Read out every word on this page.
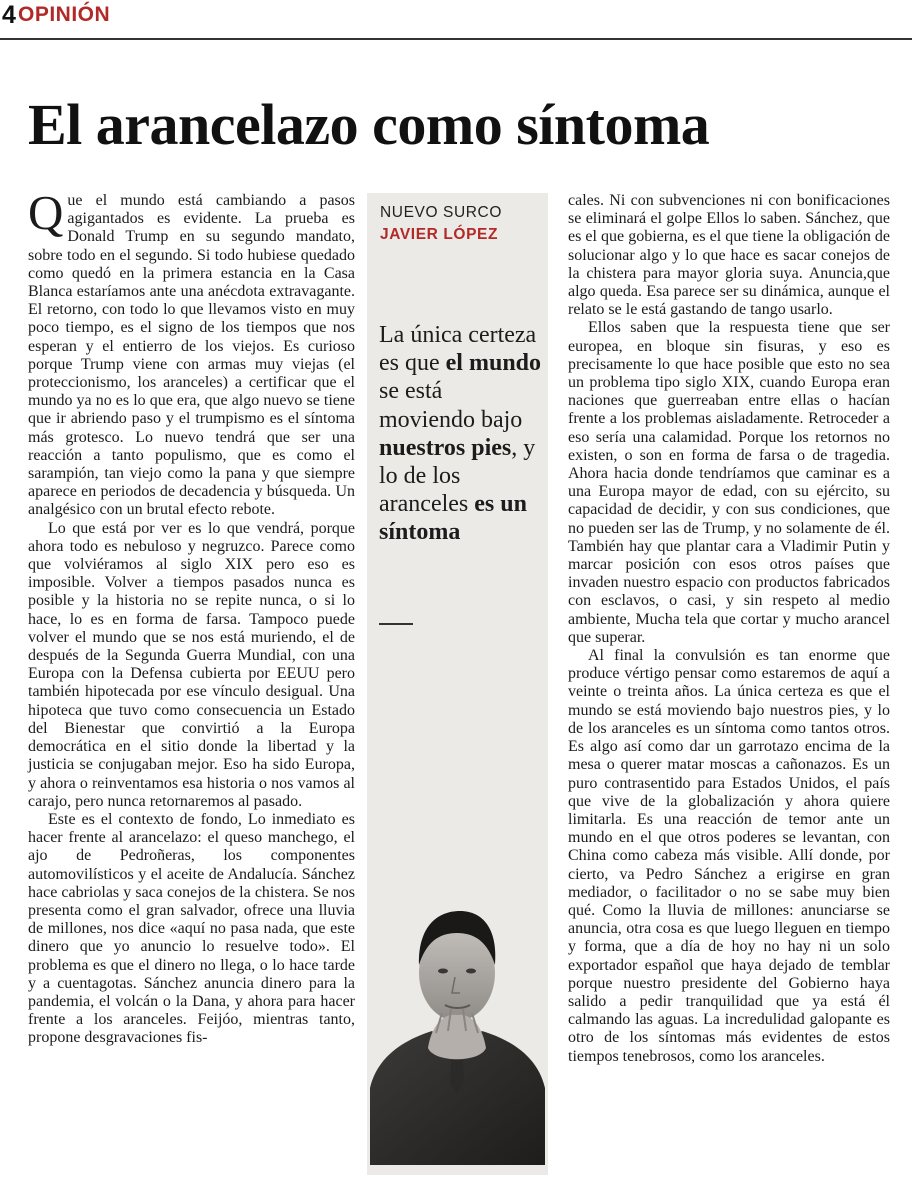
4 OPINIÓN
El arancelazo como síntoma

Que el mundo está cambiando a pasos agigantados es evidente. La prueba es Donald Trump en su segundo mandato, sobre todo en el segundo. Si todo hubiese quedado como quedó en la primera estancia en la Casa Blanca estaríamos ante una anécdota extravagante. El retorno, con todo lo que llevamos visto en muy poco tiempo, es el signo de los tiempos que nos esperan y el entierro de los viejos. Es curioso porque Trump viene con armas muy viejas (el proteccionismo, los aranceles) a certificar que el mundo ya no es lo que era, que algo nuevo se tiene que ir abriendo paso y el trumpismo es el síntoma más grotesco. Lo nuevo tendrá que ser una reacción a tanto populismo, que es como el sarampión, tan viejo como la pana y que siempre aparece en periodos de decadencia y búsqueda. Un analgésico con un brutal efecto rebote.

Lo que está por ver es lo que vendrá, porque ahora todo es nebuloso y negruzco. Parece como que volviéramos al siglo XIX pero eso es imposible. Volver a tiempos pasados nunca es posible y la historia no se repite nunca, o si lo hace, lo es en forma de farsa. Tampoco puede volver el mundo que se nos está muriendo, el de después de la Segunda Guerra Mundial, con una Europa con la Defensa cubierta por EEUU pero también hipotecada por ese vínculo desigual. Una hipoteca que tuvo como consecuencia un Estado del Bienestar que convirtió a la Europa democrática en el sitio donde la libertad y la justicia se conjugaban mejor. Eso ha sido Europa, y ahora o reinventamos esa historia o nos vamos al carajo, pero nunca retornaremos al pasado.

Este es el contexto de fondo, Lo inmediato es hacer frente al arancelazo: el queso manchego, el ajo de Pedroñeras, los componentes automovilísticos y el aceite de Andalucía. Sánchez hace cabriolas y saca conejos de la chistera. Se nos presenta como el gran salvador, ofrece una lluvia de millones, nos dice «aquí no pasa nada, que este dinero que yo anuncio lo resuelve todo». El problema es que el dinero no llega, o lo hace tarde y a cuentagotas. Sánchez anuncia dinero para la pandemia, el volcán o la Dana, y ahora para hacer frente a los aranceles. Feijóo, mientras tanto, propone desgravaciones fis-

NUEVO SURCO
JAVIER LÓPEZ
La única certeza es que el mundo se está moviendo bajo nuestros pies, y lo de los aranceles es un síntoma

cales. Ni con subvenciones ni con bonificaciones se eliminará el golpe Ellos lo saben. Sánchez, que es el que gobierna, es el que tiene la obligación de solucionar algo y lo que hace es sacar conejos de la chistera para mayor gloria suya. Anuncia,que algo queda. Esa parece ser su dinámica, aunque el relato se le está gastando de tango usarlo.

Ellos saben que la respuesta tiene que ser europea, en bloque sin fisuras, y eso es precisamente lo que hace posible que esto no sea un problema tipo siglo XIX, cuando Europa eran naciones que guerreaban entre ellas o hacían frente a los problemas aisladamente. Retroceder a eso sería una calamidad. Porque los retornos no existen, o son en forma de farsa o de tragedia. Ahora hacia donde tendríamos que caminar es a una Europa mayor de edad, con su ejército, su capacidad de decidir, y con sus condiciones, que no pueden ser las de Trump, y no solamente de él. También hay que plantar cara a Vladimir Putin y marcar posición con esos otros países que invaden nuestro espacio con productos fabricados con esclavos, o casi, y sin respeto al medio ambiente, Mucha tela que cortar y mucho arancel que superar.

Al final la convulsión es tan enorme que produce vértigo pensar como estaremos de aquí a veinte o treinta años. La única certeza es que el mundo se está moviendo bajo nuestros pies, y lo de los aranceles es un síntoma como tantos otros. Es algo así como dar un garrotazo encima de la mesa o querer matar moscas a cañonazos. Es un puro contrasentido para Estados Unidos, el país que vive de la globalización y ahora quiere limitarla. Es una reacción de temor ante un mundo en el que otros poderes se levantan, con China como cabeza más visible. Allí donde, por cierto, va Pedro Sánchez a erigirse en gran mediador, o facilitador o no se sabe muy bien qué. Como la lluvia de millones: anunciarse se anuncia, otra cosa es que luego lleguen en tiempo y forma, que a día de hoy no hay ni un solo exportador español que haya dejado de temblar porque nuestro presidente del Gobierno haya salido a pedir tranquilidad que ya está él calmando las aguas. La incredulidad galopante es otro de los síntomas más evidentes de estos tiempos tenebrosos, como los aranceles.
